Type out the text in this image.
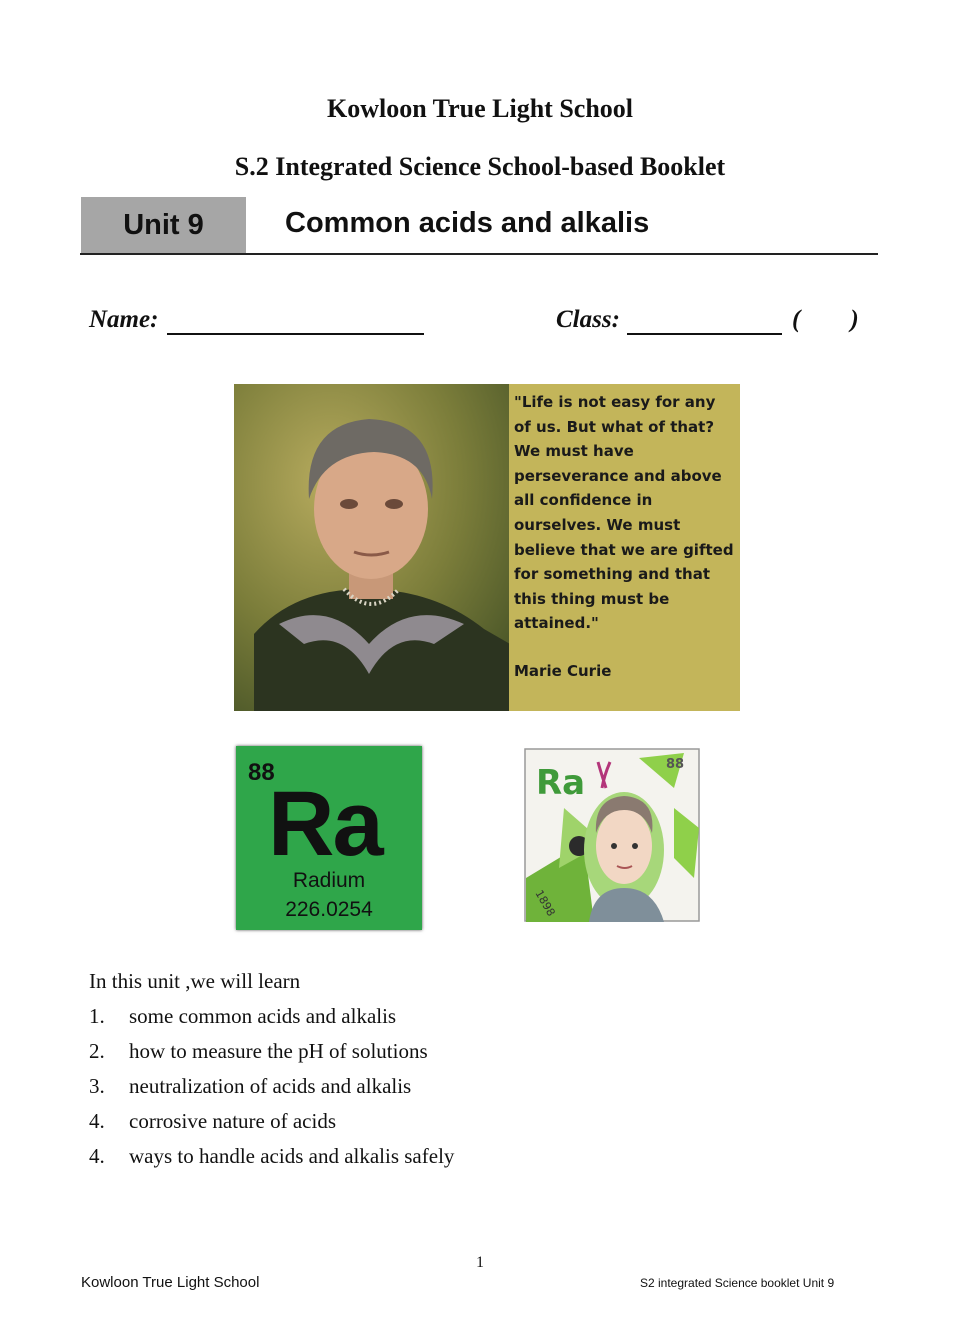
Kowloon True Light School
S.2 Integrated Science School-based Booklet
Unit 9	Common acids and alkalis
Name:	Class:	(        )
"Life is not easy for any of us. But what of that? We must have perseverance and above all confidence in ourselves. We must believe that we are gifted for something and that this thing must be attained."
Marie Curie
88
Ra
Radium
226.0254
Ra	88
1898
In this unit ,we will learn
1.	some common acids and alkalis
2.	how to measure the pH of solutions
3.	neutralization of acids and alkalis
4.	corrosive nature of acids
4.	ways to handle acids and alkalis safely
1
Kowloon True Light School	S2 integrated Science booklet Unit 9
